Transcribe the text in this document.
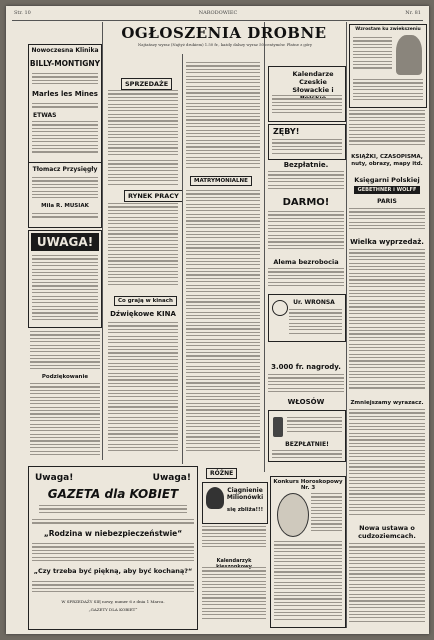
Str. 10	NARODOWIEC	Nr. 81
OGŁOSZENIA DROBNE
Najtańszy wyraz (Najtyż drukiem) 1.50 fr., każdy dalszy wyraz 50 centymów. Płatne z góry
Nowoczesna Klinika
BILLY-MONTIGNY
Marles les Mines
ETWAS
Tłomacz Przysięgły
Mila R. MUSIAK
UWAGA!
Podziękowanie
SPRZEDAŻE
RYNEK PRACY
Co grają w kinach
Dźwiękowe KINA
MATRYMONIALNE
Kalendarze Czeskie Słowackie i
ZĘBY!
Bezpłatnie.
DARMO!
Alema bezrobocia
Ur. WRONSA
3.000 fr. nagrody.
WŁOSÓW
BEZPŁATNIE!
Wzrostam ku zwiekszeniu
KSIĄŻKI, CZASOPISMA, nuty, obrazy, mapy itd.
Księgarni Polskiej
GEBETHNER i WOLFF
PARIS
Wielka wyprzedaż.
Zmniejszamy wyrazacz.
Nowa ustawa o cudzoziemcach.
Uwaga!	Uwaga!
GAZETA dla KOBIET
„Rodzina w niebezpieczeństwie“
„Czy trzeba być piękną, aby być kochaną?“
W SPRZEDAŻY SIĘ nowy, numer 6 z dnia 1 Marca.
„GAZETY DLA KOBIET“
RÓŻNE
Ciągnienie Milionówki
się zbliża!!!
Kalendarzyk
Konkurs Horoskopowy Nr. 3
